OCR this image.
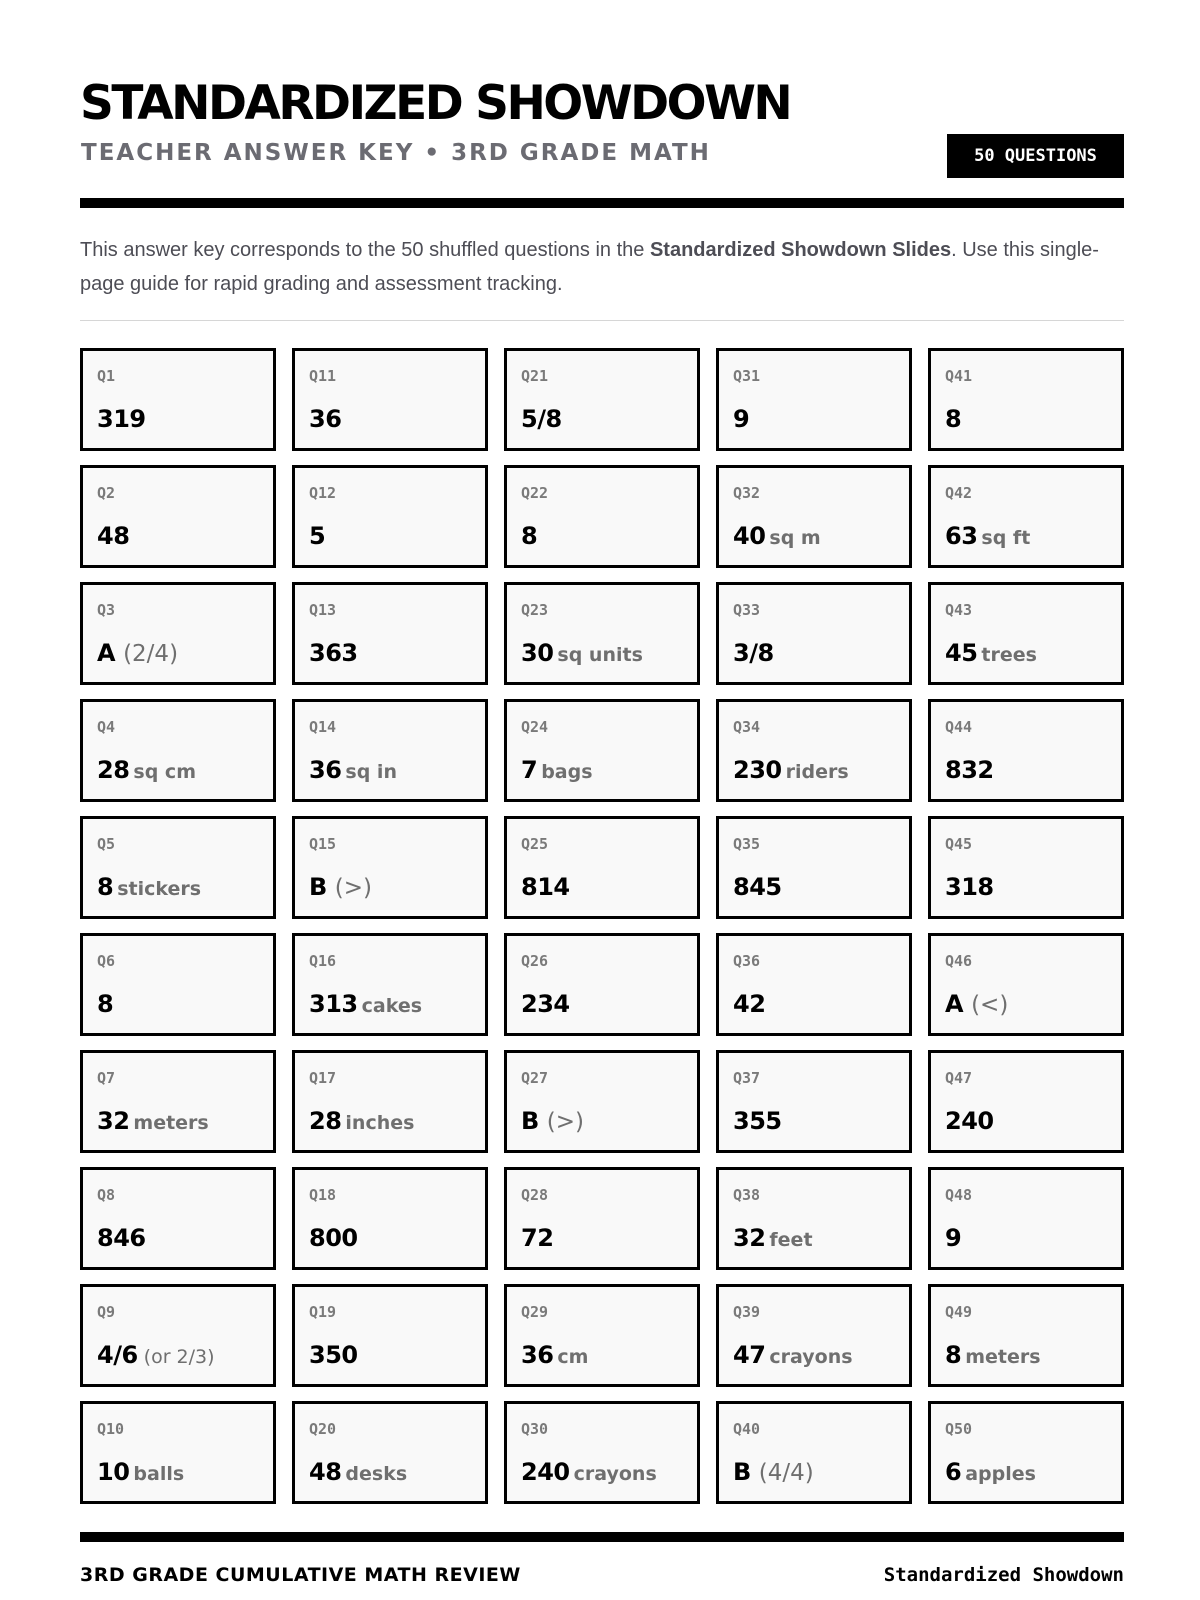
STANDARDIZED SHOWDOWN
TEACHER ANSWER KEY • 3RD GRADE MATH	50 QUESTIONS

This answer key corresponds to the 50 shuffled questions in the Standardized Showdown Slides. Use this single-page guide for rapid grading and assessment tracking.

Q1
319
Q2
48
Q3
A (2/4)
Q4
28 sq cm
Q5
8 stickers
Q6
8
Q7
32 meters
Q8
846
Q9
4/6 (or 2/3)
Q10
10 balls
Q11
36
Q12
5
Q13
363
Q14
36 sq in
Q15
B (>)
Q16
313 cakes
Q17
28 inches
Q18
800
Q19
350
Q20
48 desks
Q21
5/8
Q22
8
Q23
30 sq units
Q24
7 bags
Q25
814
Q26
234
Q27
B (>)
Q28
72
Q29
36 cm
Q30
240 crayons
Q31
9
Q32
40 sq m
Q33
3/8
Q34
230 riders
Q35
845
Q36
42
Q37
355
Q38
32 feet
Q39
47 crayons
Q40
B (4/4)
Q41
8
Q42
63 sq ft
Q43
45 trees
Q44
832
Q45
318
Q46
A (<)
Q47
240
Q48
9
Q49
8 meters
Q50
6 apples
3RD GRADE CUMULATIVE MATH REVIEW	Standardized Showdown
